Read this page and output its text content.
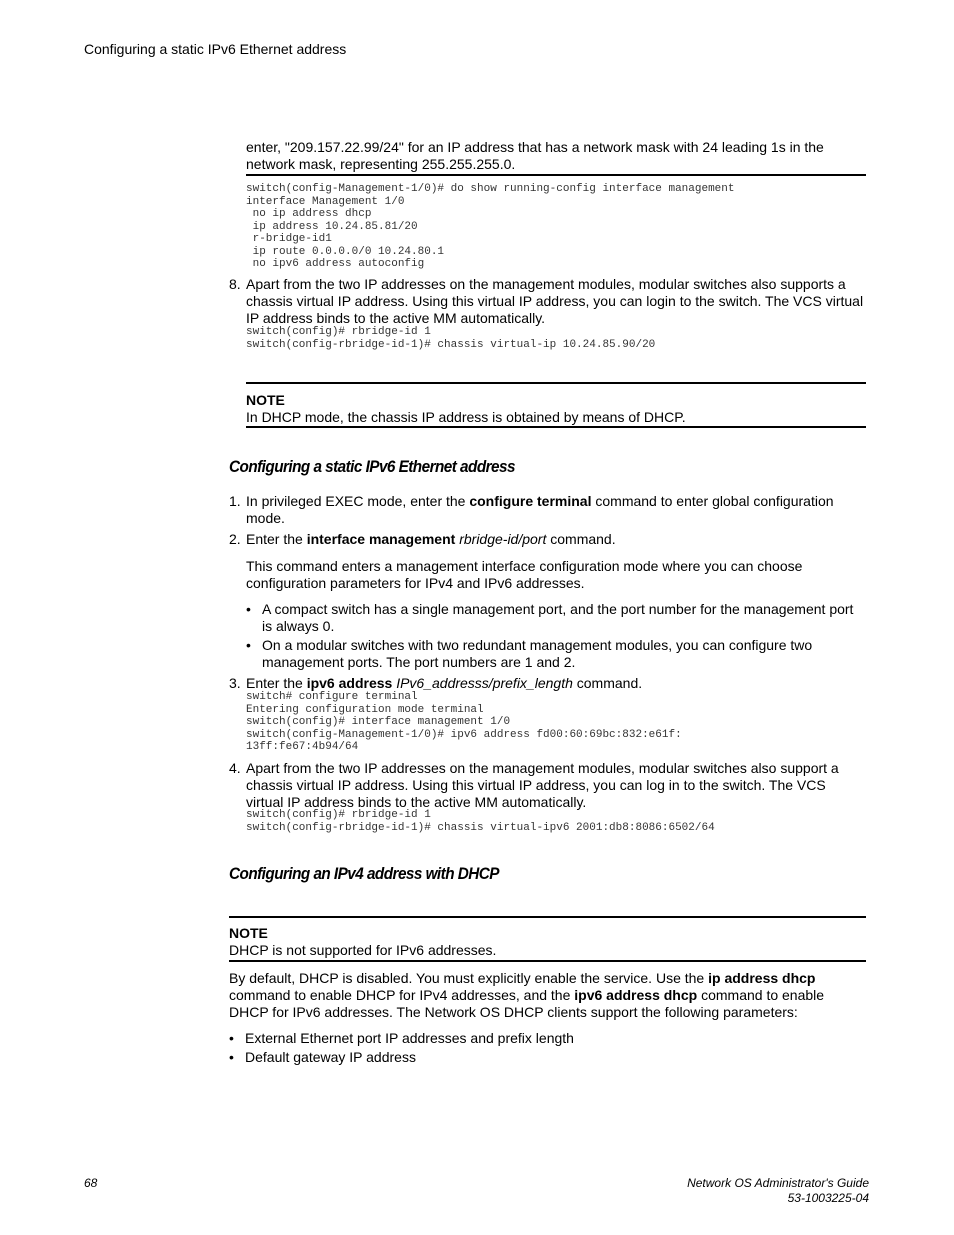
Configuring a static IPv6 Ethernet address
enter, "209.157.22.99/24" for an IP address that has a network mask with 24 leading 1s in the network mask, representing 255.255.255.0.
switch(config-Management-1/0)# do show running-config interface management
interface Management 1/0
no ip address dhcp
ip address 10.24.85.81/20
r-bridge-id1
ip route 0.0.0.0/0 10.24.80.1
no ipv6 address autoconfig
8. Apart from the two IP addresses on the management modules, modular switches also supports a chassis virtual IP address. Using this virtual IP address, you can login to the switch. The VCS virtual IP address binds to the active MM automatically.
switch(config)# rbridge-id 1
switch(config-rbridge-id-1)# chassis virtual-ip 10.24.85.90/20
NOTE
In DHCP mode, the chassis IP address is obtained by means of DHCP.
Configuring a static IPv6 Ethernet address
1. In privileged EXEC mode, enter the configure terminal command to enter global configuration mode.
2. Enter the interface management rbridge-id/port command.
This command enters a management interface configuration mode where you can choose configuration parameters for IPv4 and IPv6 addresses.
• A compact switch has a single management port, and the port number for the management port is always 0.
• On a modular switches with two redundant management modules, you can configure two management ports. The port numbers are 1 and 2.
3. Enter the ipv6 address IPv6_addresss/prefix_length command.
switch# configure terminal
Entering configuration mode terminal
switch(config)# interface management 1/0
switch(config-Management-1/0)# ipv6 address fd00:60:69bc:832:e61f:
13ff:fe67:4b94/64
4. Apart from the two IP addresses on the management modules, modular switches also support a chassis virtual IP address. Using this virtual IP address, you can log in to the switch. The VCS virtual IP address binds to the active MM automatically.
switch(config)# rbridge-id 1
switch(config-rbridge-id-1)# chassis virtual-ipv6 2001:db8:8086:6502/64
Configuring an IPv4 address with DHCP
NOTE
DHCP is not supported for IPv6 addresses.
By default, DHCP is disabled. You must explicitly enable the service. Use the ip address dhcp command to enable DHCP for IPv4 addresses, and the ipv6 address dhcp command to enable DHCP for IPv6 addresses. The Network OS DHCP clients support the following parameters:
• External Ethernet port IP addresses and prefix length
• Default gateway IP address
68	Network OS Administrator's Guide
53-1003225-04
